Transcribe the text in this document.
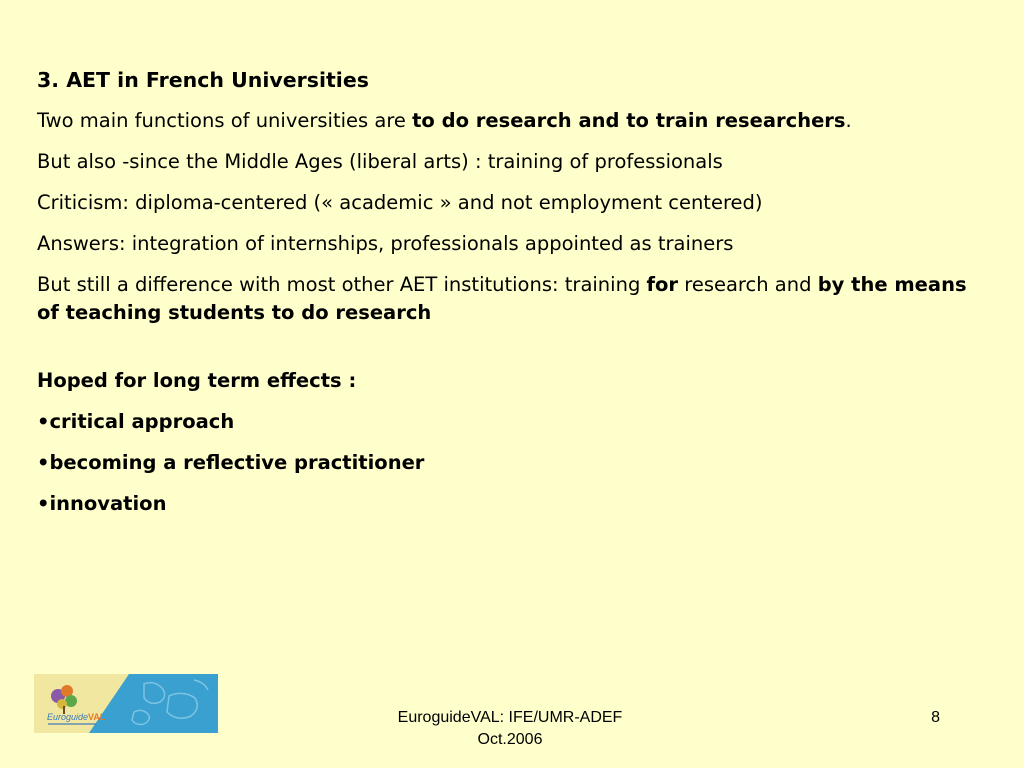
3. AET in French Universities

Two main functions of universities are to do research and to train researchers.

But also -since the Middle Ages (liberal arts) : training of professionals

Criticism: diploma-centered (« academic » and not employment centered)

Answers: integration of internships, professionals appointed as trainers

But still a difference with most other AET institutions: training for research and by the means of teaching students to do research

Hoped for long term effects :

•critical approach

•becoming a reflective practitioner

•innovation

Euroguide VAL	EuroguideVAL: IFE/UMR-ADEF
Oct.2006
8
